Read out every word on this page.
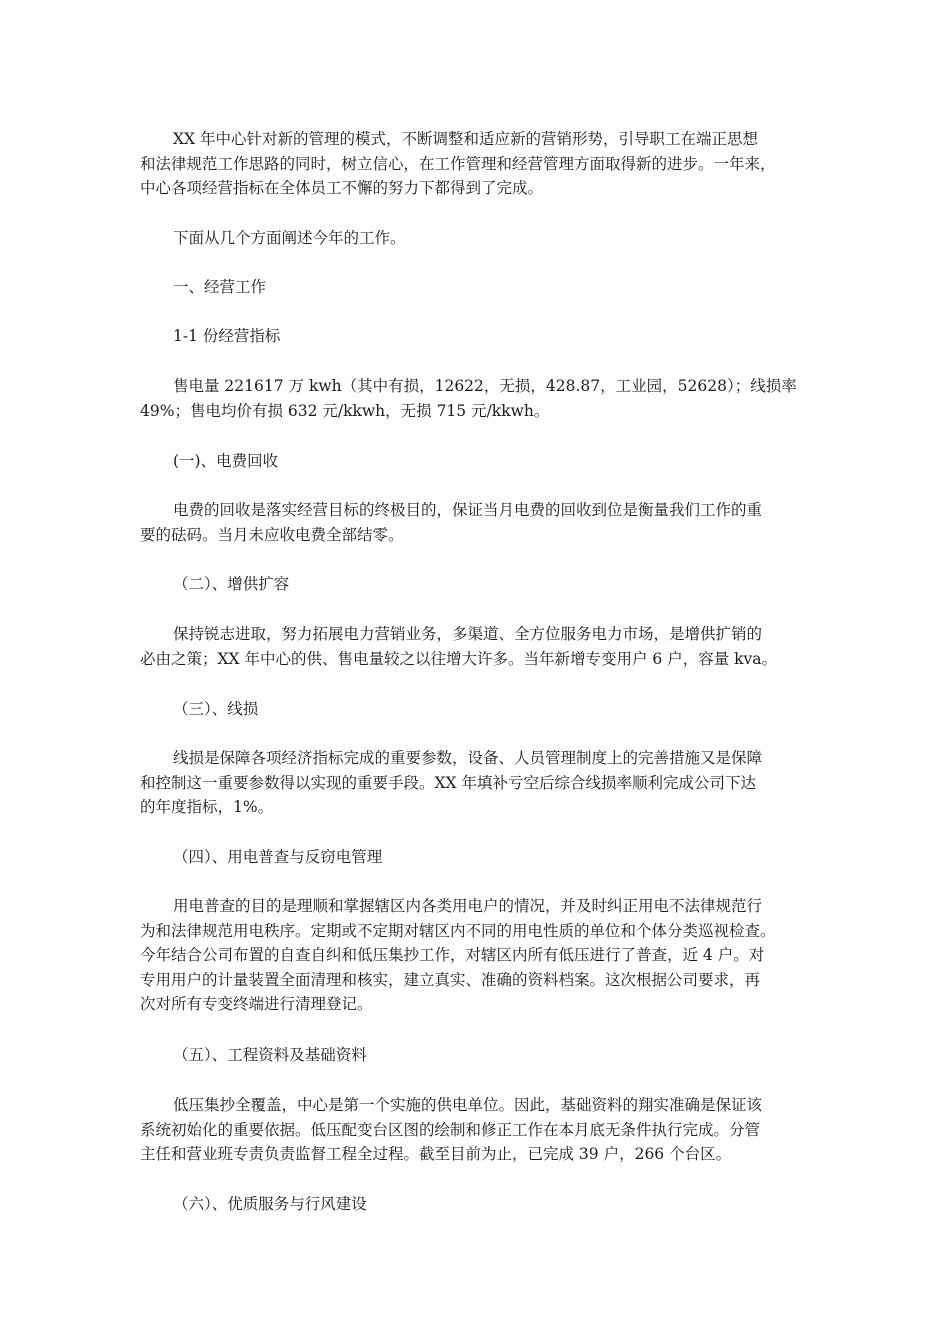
XX 年中心针对新的管理的模式，不断调整和适应新的营销形势，引导职工在端正思想
和法律规范工作思路的同时，树立信心，在工作管理和经营管理方面取得新的进步。一年来，
中心各项经营指标在全体员工不懈的努力下都得到了完成。

下面从几个方面阐述今年的工作。

一、经营工作

1-1 份经营指标

售电量 221617 万 kwh（其中有损，12622，无损，428.87，工业园，52628）；线损率
49%；售电均价有损 632 元/kkwh，无损 715 元/kkwh。

(一)、电费回收

电费的回收是落实经营目标的终极目的，保证当月电费的回收到位是衡量我们工作的重
要的砝码。当月未应收电费全部结零。

（二）、增供扩容

保持锐志进取，努力拓展电力营销业务，多渠道、全方位服务电力市场，是增供扩销的
必由之策；XX 年中心的供、售电量较之以往增大许多。当年新增专变用户 6 户，容量 kva。

（三）、线损

线损是保障各项经济指标完成的重要参数，设备、人员管理制度上的完善措施又是保障
和控制这一重要参数得以实现的重要手段。XX 年填补亏空后综合线损率顺利完成公司下达
的年度指标，1%。

（四）、用电普查与反窃电管理

用电普查的目的是理顺和掌握辖区内各类用电户的情况，并及时纠正用电不法律规范行
为和法律规范用电秩序。定期或不定期对辖区内不同的用电性质的单位和个体分类巡视检查。
今年结合公司布置的自查自纠和低压集抄工作，对辖区内所有低压进行了普查，近 4 户。对
专用用户的计量装置全面清理和核实，建立真实、准确的资料档案。这次根据公司要求，再
次对所有专变终端进行清理登记。

（五）、工程资料及基础资料

低压集抄全覆盖，中心是第一个实施的供电单位。因此，基础资料的翔实准确是保证该
系统初始化的重要依据。低压配变台区图的绘制和修正工作在本月底无条件执行完成。分管
主任和营业班专责负责监督工程全过程。截至目前为止，已完成 39 户，266 个台区。

（六）、优质服务与行风建设
